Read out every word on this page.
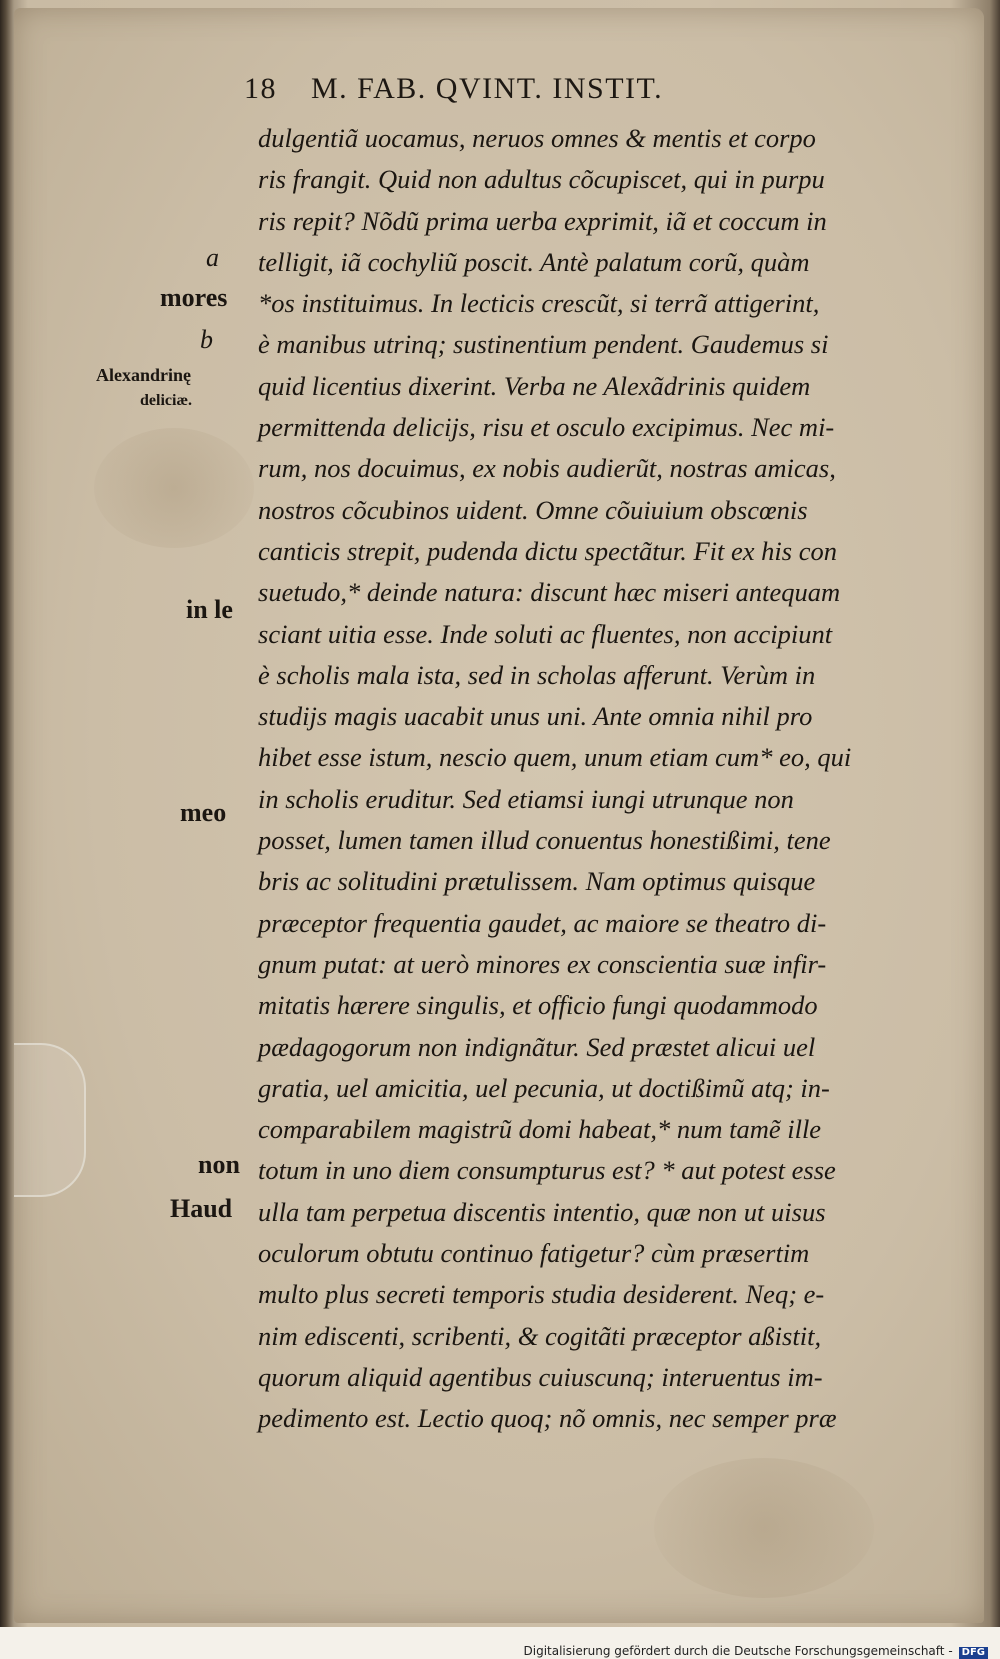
18 M. FAB. QVINT. INSTIT.
a
mores
b
Alexandrinę
deliciæ.
in le
meo
non
Haud
dulgentiã uocamus, neruos omnes & mentis et corpo
ris frangit. Quid non adultus cõcupiscet, qui in purpu
ris repit? Nõdũ prima uerba exprimit, iã et coccum in
telligit, iã cochyliũ poscit. Antè palatum corũ, quàm
*os instituimus. In lecticis crescũt, si terrã attigerint,
è manibus utrinq; sustinentium pendent. Gaudemus si
quid licentius dixerint. Verba ne Alexãdrinis quidem
permittenda delicijs, risu et osculo excipimus. Nec mi-
rum, nos docuimus, ex nobis audierũt, nostras amicas,
nostros cõcubinos uident. Omne cõuiuium obscœnis
canticis strepit, pudenda dictu spectãtur. Fit ex his con
suetudo,* deinde natura: discunt hæc miseri antequam
sciant uitia esse. Inde soluti ac fluentes, non accipiunt
è scholis mala ista, sed in scholas afferunt. Verùm in
studijs magis uacabit unus uni. Ante omnia nihil pro
hibet esse istum, nescio quem, unum etiam cum* eo, qui
in scholis eruditur. Sed etiamsi iungi utrunque non
posset, lumen tamen illud conuentus honestißimi, tene
bris ac solitudini prætulissem. Nam optimus quisque
præceptor frequentia gaudet, ac maiore se theatro di-
gnum putat: at uerò minores ex conscientia suæ infir-
mitatis hærere singulis, et officio fungi quodammodo
pædagogorum non indignãtur. Sed præstet alicui uel
gratia, uel amicitia, uel pecunia, ut doctißimũ atq; in-
comparabilem magistrũ domi habeat,* num tamẽ ille
totum in uno diem consumpturus est? * aut potest esse
ulla tam perpetua discentis intentio, quæ non ut uisus
oculorum obtutu continuo fatigetur? cùm præsertim
multo plus secreti temporis studia desiderent. Neq; e-
nim ediscenti, scribenti, & cogitãti præceptor aßistit,
quorum aliquid agentibus cuiuscunq; interuentus im-
pedimento est. Lectio quoq; nõ omnis, nec semper præ
Digitalisierung gefördert durch die Deutsche Forschungsgemeinschaft - DFG
